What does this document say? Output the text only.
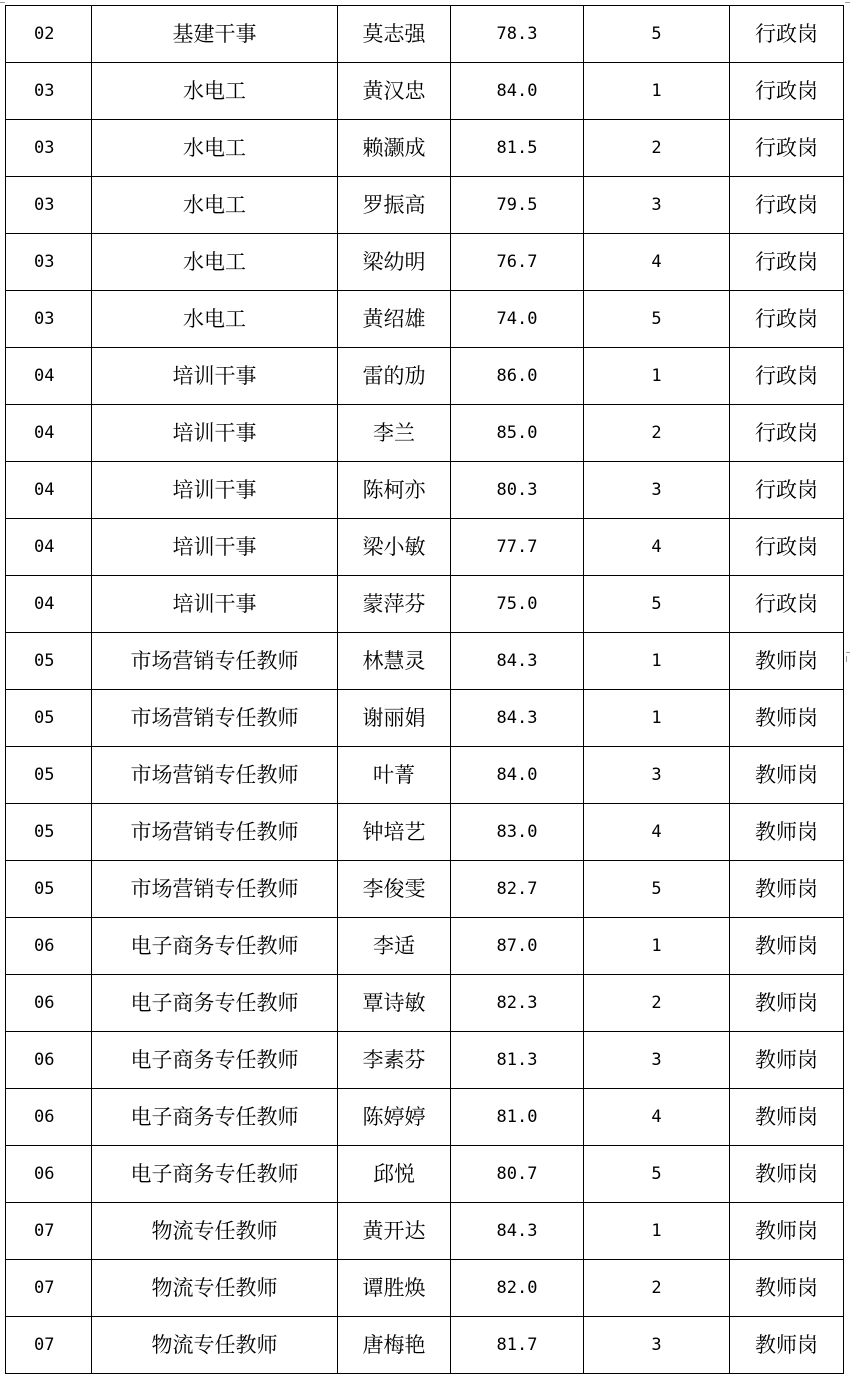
02	基建干事	莫志强	78.3	5	行政岗
03	水电工	黄汉忠	84.0	1	行政岗
03	水电工	赖灏成	81.5	2	行政岗
03	水电工	罗振高	79.5	3	行政岗
03	水电工	梁幼明	76.7	4	行政岗
03	水电工	黄绍雄	74.0	5	行政岗
04	培训干事	雷的劢	86.0	1	行政岗
04	培训干事	李兰	85.0	2	行政岗
04	培训干事	陈柯亦	80.3	3	行政岗
04	培训干事	梁小敏	77.7	4	行政岗
04	培训干事	蒙萍芬	75.0	5	行政岗
05	市场营销专任教师	林慧灵	84.3	1	教师岗
05	市场营销专任教师	谢丽娟	84.3	1	教师岗
05	市场营销专任教师	叶菁	84.0	3	教师岗
05	市场营销专任教师	钟培艺	83.0	4	教师岗
05	市场营销专任教师	李俊雯	82.7	5	教师岗
06	电子商务专任教师	李适	87.0	1	教师岗
06	电子商务专任教师	覃诗敏	82.3	2	教师岗
06	电子商务专任教师	李素芬	81.3	3	教师岗
06	电子商务专任教师	陈婷婷	81.0	4	教师岗
06	电子商务专任教师	邱悦	80.7	5	教师岗
07	物流专任教师	黄开达	84.3	1	教师岗
07	物流专任教师	谭胜焕	82.0	2	教师岗
07	物流专任教师	唐梅艳	81.7	3	教师岗
